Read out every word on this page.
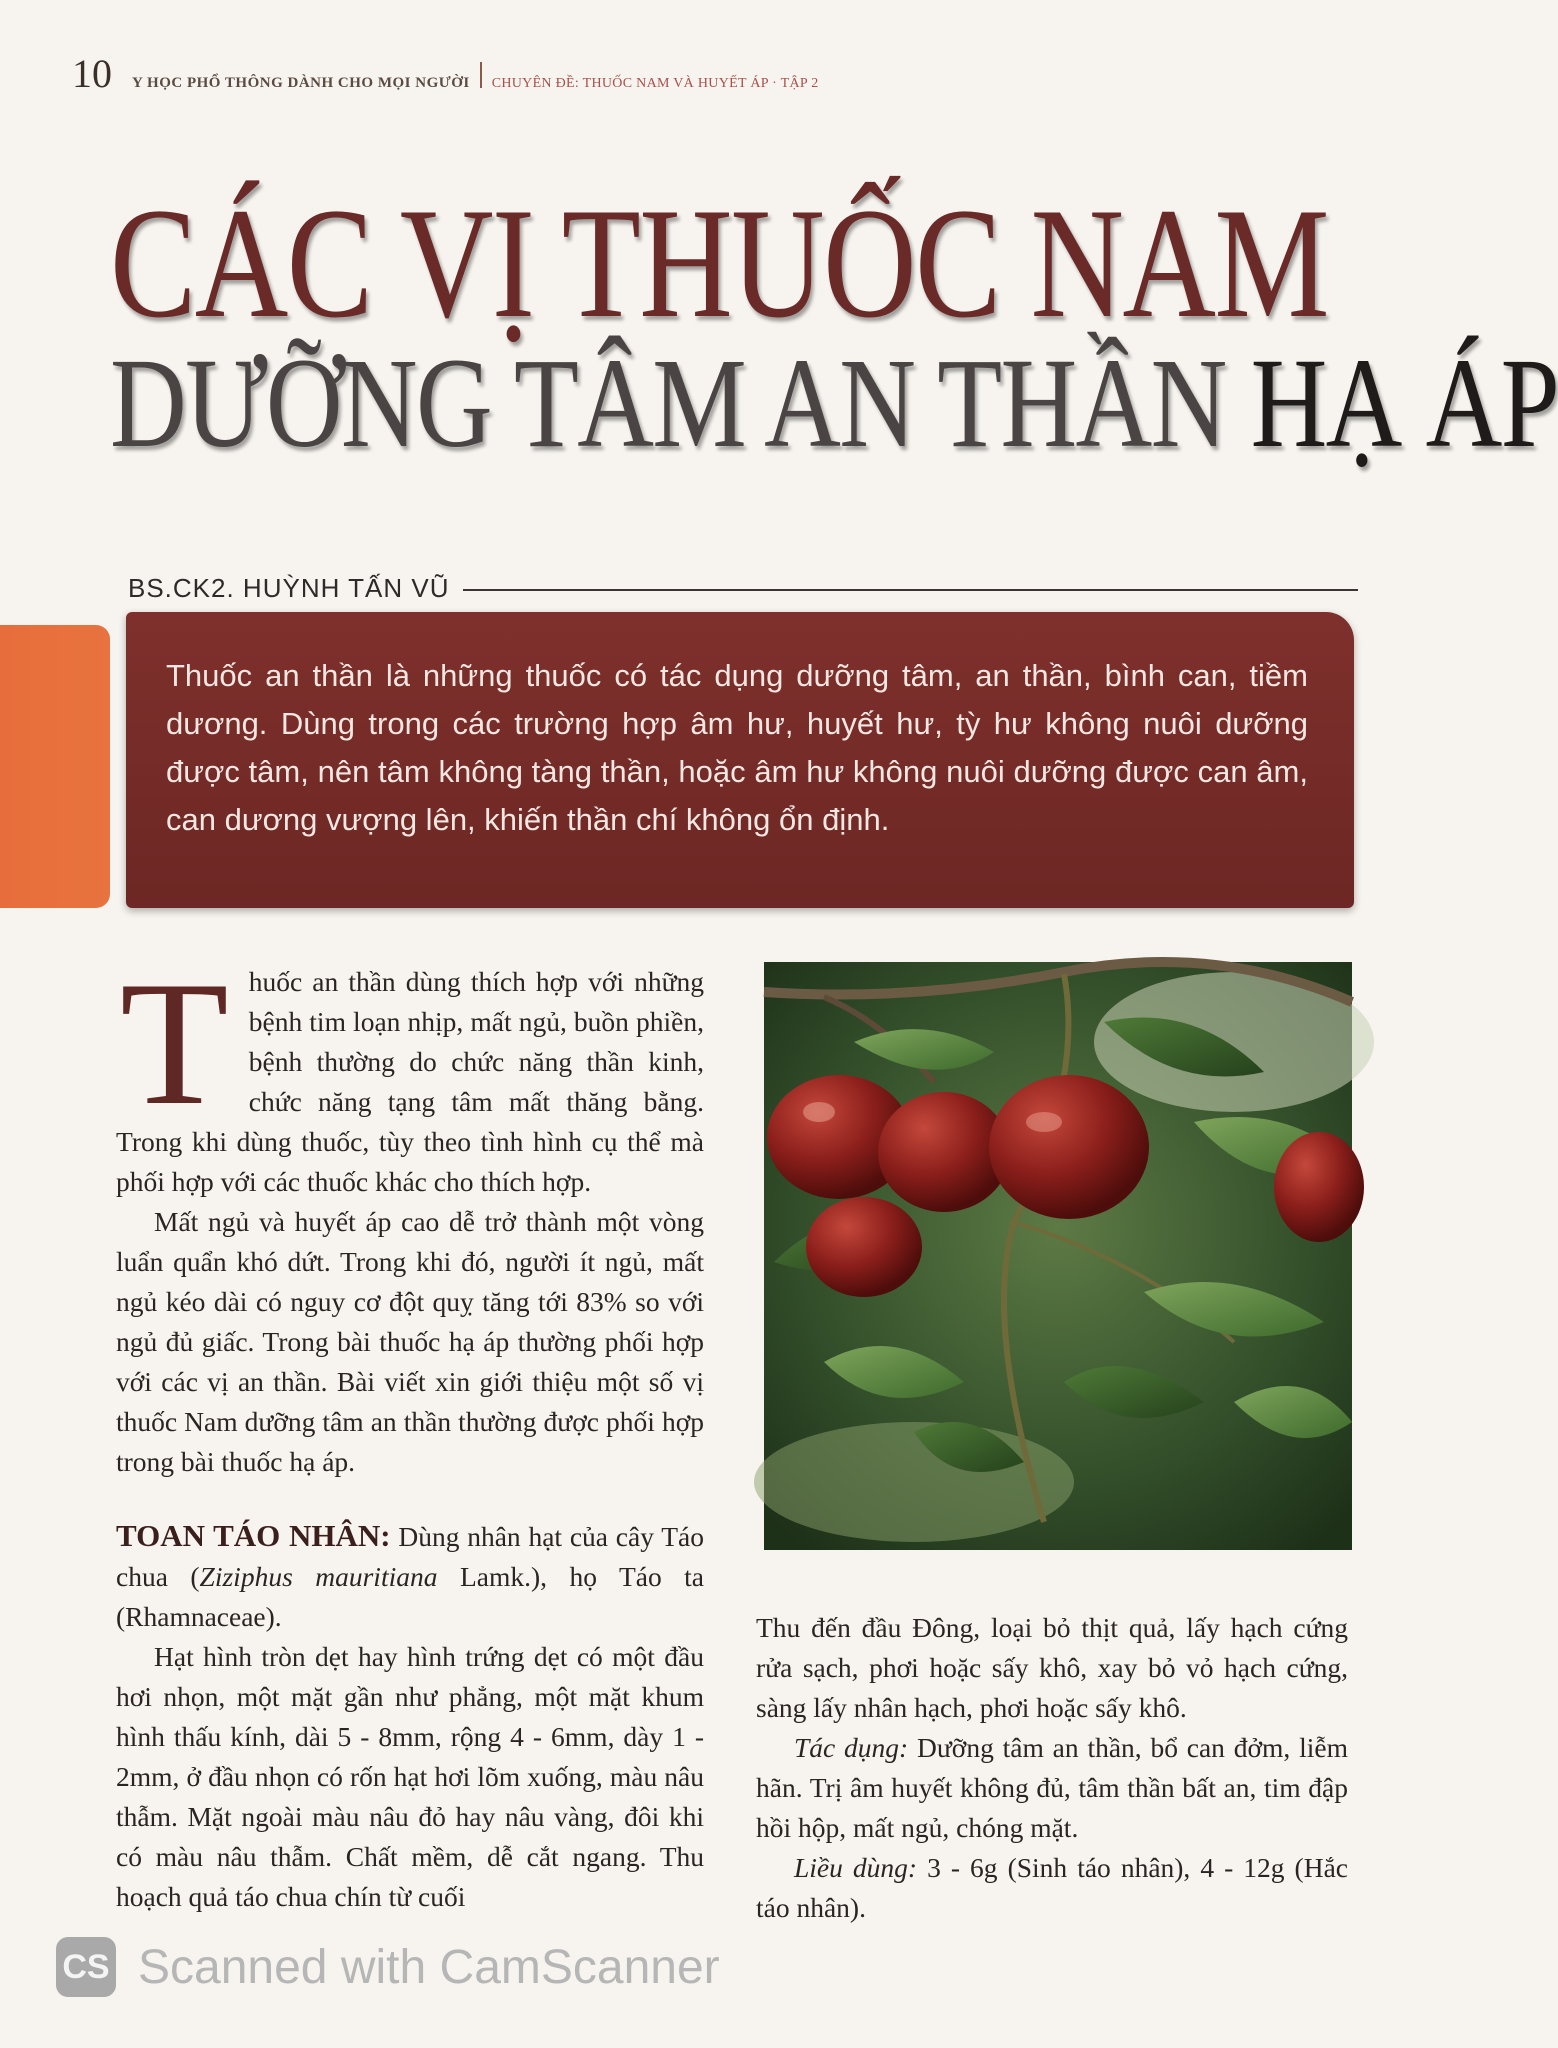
10 Y HỌC PHỔ THÔNG DÀNH CHO MỌI NGƯỜI CHUYÊN ĐỀ: THUỐC NAM VÀ HUYẾT ÁP · TẬP 2
CÁC VỊ THUỐC NAM
DƯỠNG TÂM AN THẦN HẠ ÁP
BS.CK2. HUỲNH TẤN VŨ

Thuốc an thần là những thuốc có tác dụng dưỡng tâm, an thần, bình can, tiềm dương. Dùng trong các trường hợp âm hư, huyết hư, tỳ hư không nuôi dưỡng được tâm, nên tâm không tàng thần, hoặc âm hư không nuôi dưỡng được can âm, can dương vượng lên, khiến thần chí không ổn định.

Thuốc an thần dùng thích hợp với những bệnh tim loạn nhịp, mất ngủ, buồn phiền, bệnh thường do chức năng thần kinh, chức năng tạng tâm mất thăng bằng. Trong khi dùng thuốc, tùy theo tình hình cụ thể mà phối hợp với các thuốc khác cho thích hợp.

Mất ngủ và huyết áp cao dễ trở thành một vòng luẩn quẩn khó dứt. Trong khi đó, người ít ngủ, mất ngủ kéo dài có nguy cơ đột quỵ tăng tới 83% so với ngủ đủ giấc. Trong bài thuốc hạ áp thường phối hợp với các vị an thần. Bài viết xin giới thiệu một số vị thuốc Nam dưỡng tâm an thần thường được phối hợp trong bài thuốc hạ áp.

TOAN TÁO NHÂN: Dùng nhân hạt của cây Táo chua (Ziziphus mauritiana Lamk.), họ Táo ta (Rhamnaceae).

Hạt hình tròn dẹt hay hình trứng dẹt có một đầu hơi nhọn, một mặt gần như phẳng, một mặt khum hình thấu kính, dài 5 - 8mm, rộng 4 - 6mm, dày 1 - 2mm, ở đầu nhọn có rốn hạt hơi lõm xuống, màu nâu thẫm. Mặt ngoài màu nâu đỏ hay nâu vàng, đôi khi có màu nâu thẫm. Chất mềm, dễ cắt ngang. Thu hoạch quả táo chua chín từ cuối

Thu đến đầu Đông, loại bỏ thịt quả, lấy hạch cứng rửa sạch, phơi hoặc sấy khô, xay bỏ vỏ hạch cứng, sàng lấy nhân hạch, phơi hoặc sấy khô.

Tác dụng: Dưỡng tâm an thần, bổ can đởm, liễm hãn. Trị âm huyết không đủ, tâm thần bất an, tim đập hồi hộp, mất ngủ, chóng mặt.

Liều dùng: 3 - 6g (Sinh táo nhân), 4 - 12g (Hắc táo nhân).

CS Scanned with CamScanner
